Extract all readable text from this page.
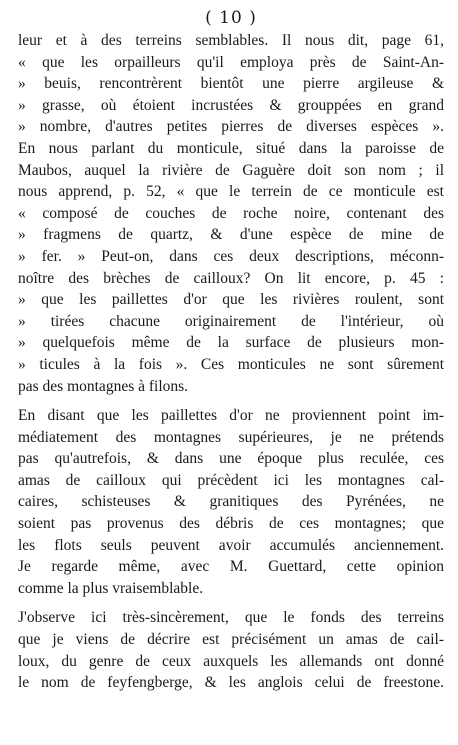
( 10 )
leur et à des terreins semblables. Il nous dit, page 61,
« que les orpailleurs qu'il employa près de Saint-An-
» beuis, rencontrèrent bientôt une pierre argileuse &
» grasse, où étoient incrustées & grouppées en grand
» nombre, d'autres petites pierres de diverses espèces ».
En nous parlant du monticule, situé dans la paroisse de
Maubos, auquel la rivière de Gaguère doit son nom ; il
nous apprend, p. 52, « que le terrein de ce monticule est
« composé de couches de roche noire, contenant des
» fragmens de quartz, & d'une espèce de mine de
» fer. » Peut-on, dans ces deux descriptions, méconn-
noître des brèches de cailloux? On lit encore, p. 45 :
» que les paillettes d'or que les rivières roulent, sont
» tirées chacune originairement de l'intérieur, où
» quelquefois même de la surface de plusieurs mon-
» ticules à la fois ». Ces monticules ne sont sûrement
pas des montagnes à filons.
En disant que les paillettes d'or ne proviennent point im-
médiatement des montagnes supérieures, je ne prétends
pas qu'autrefois, & dans une époque plus reculée, ces
amas de cailloux qui précèdent ici les montagnes cal-
caires, schisteuses & granitiques des Pyrénées, ne
soient pas provenus des débris de ces montagnes; que
les flots seuls peuvent avoir accumulés anciennement.
Je regarde même, avec M. Guettard, cette opinion
comme la plus vraisemblable.
J'observe ici très-sincèrement, que le fonds des terreins
que je viens de décrire est précisément un amas de cail-
loux, du genre de ceux auxquels les allemands ont donné
le nom de feyfengberge, & les anglois celui de freestone.
